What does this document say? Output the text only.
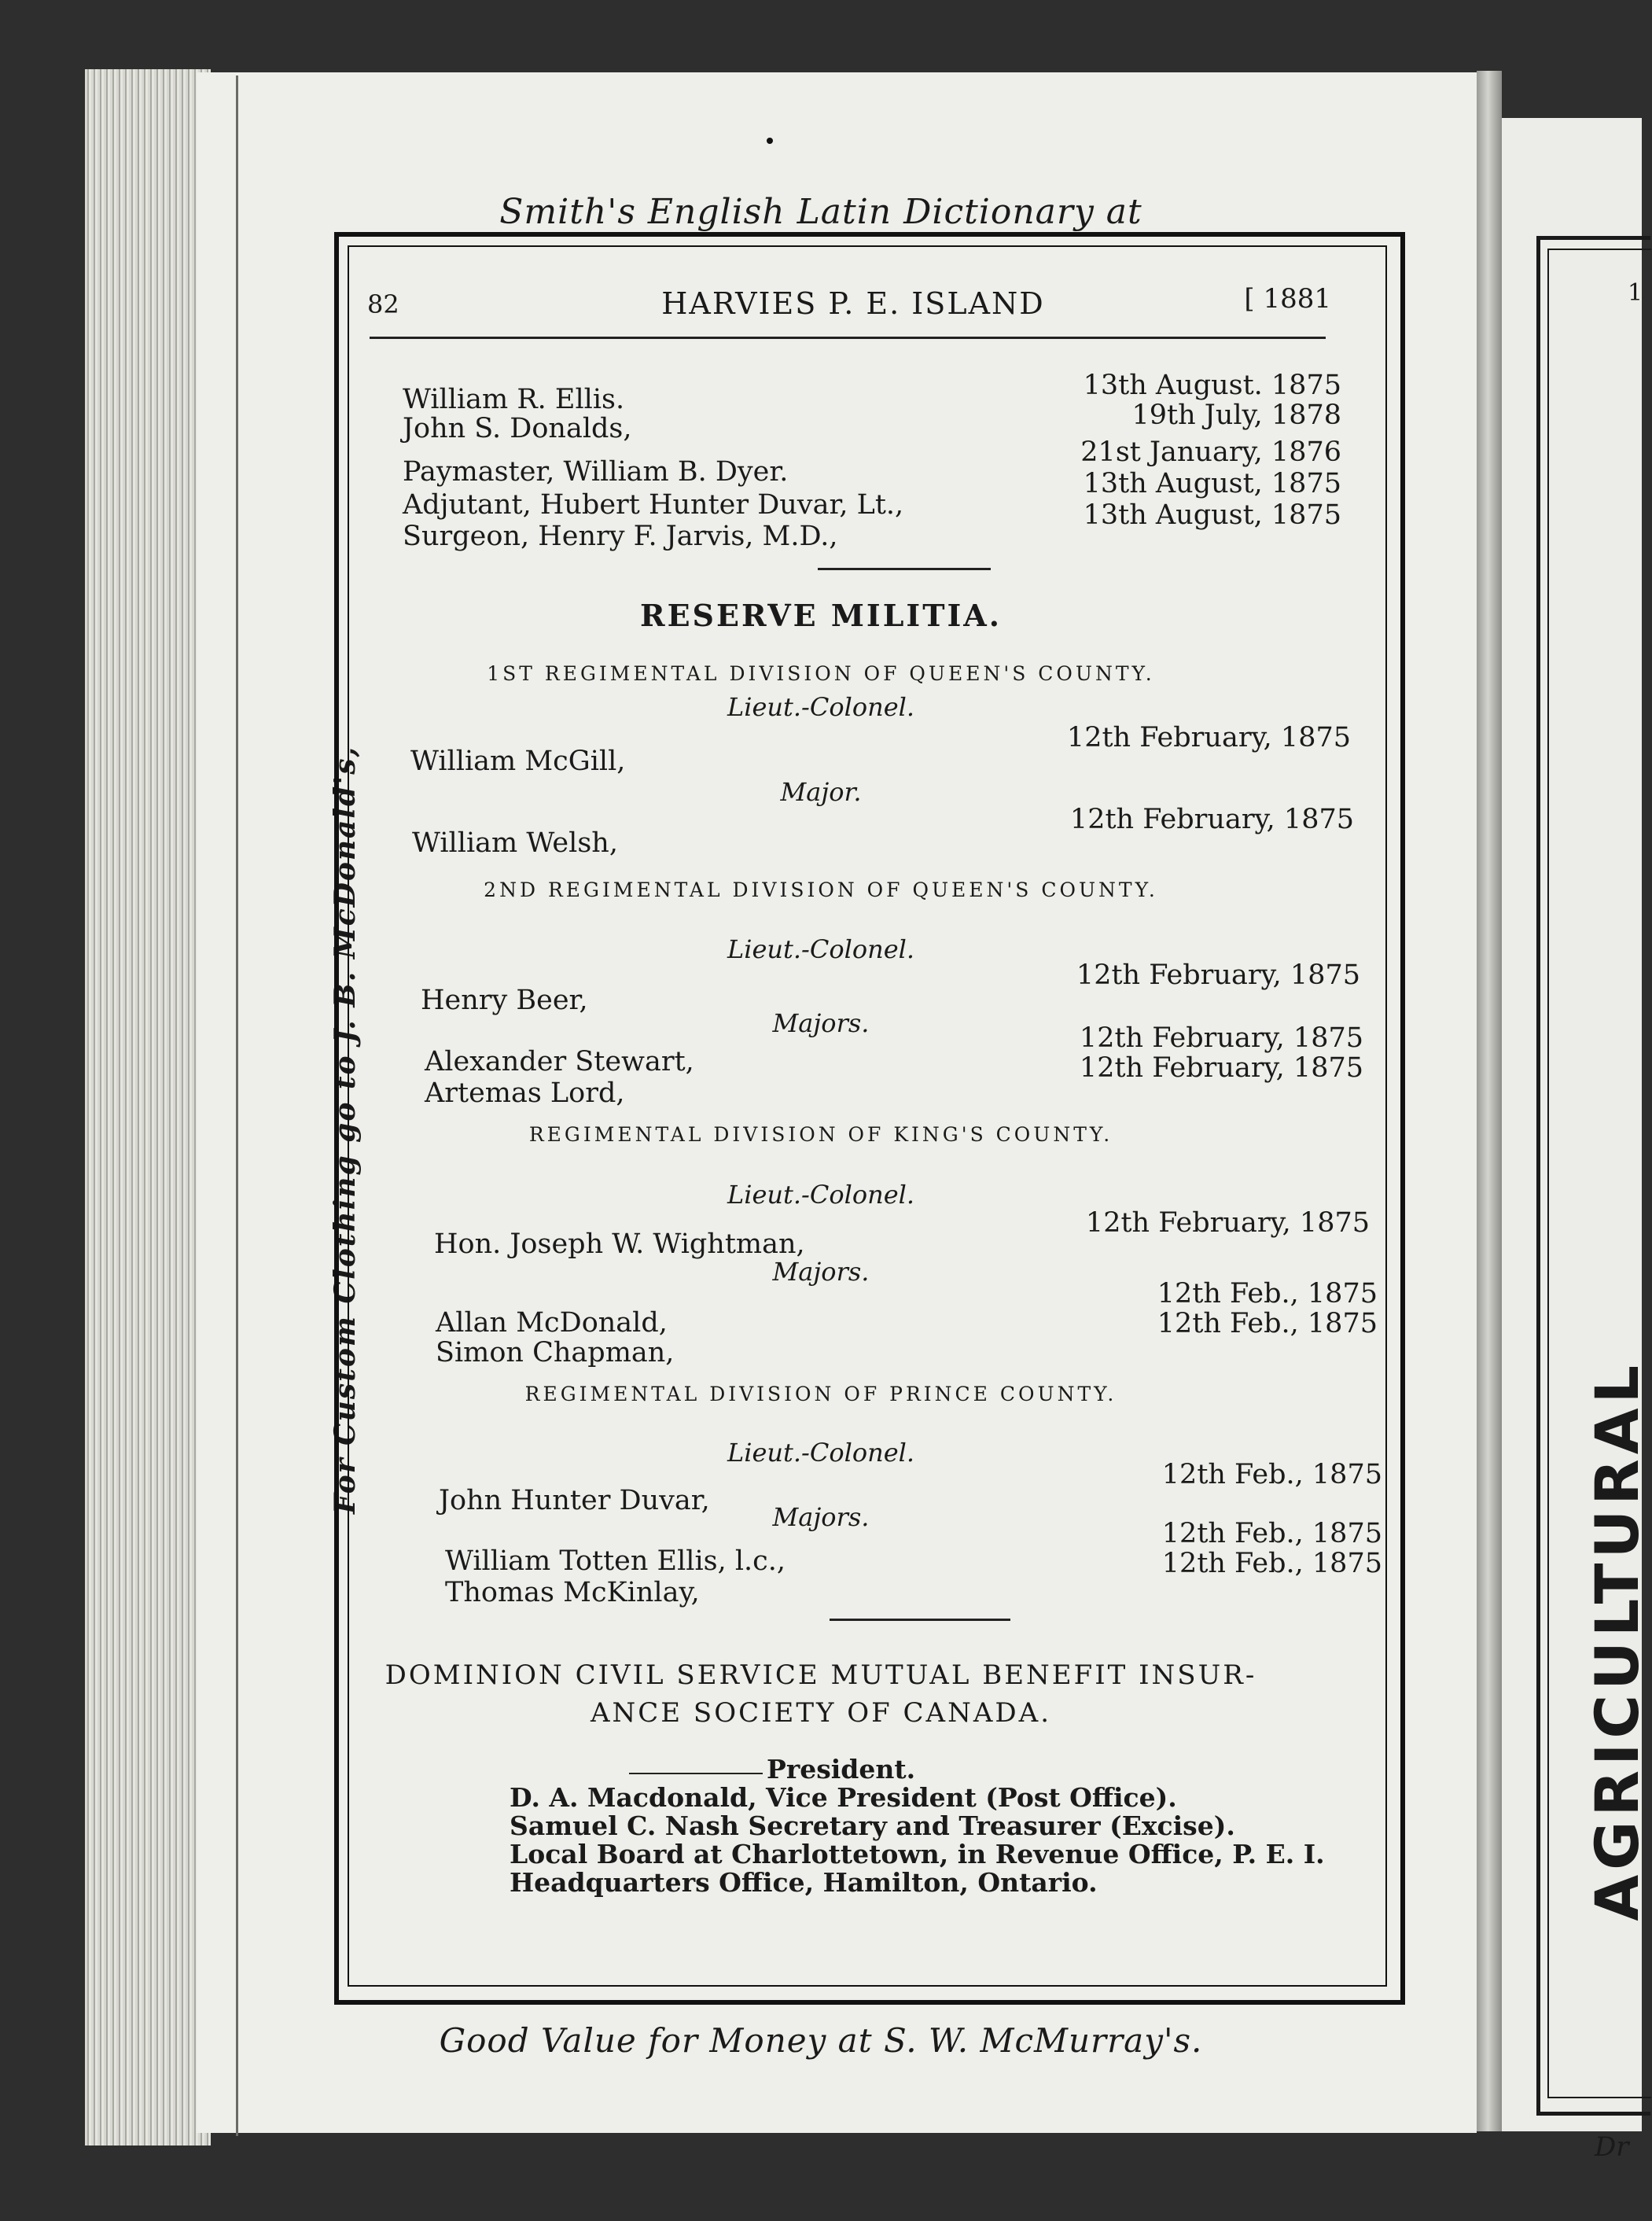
1
Dr
AGRICULTURAL
Smith's English Latin Dictionary at
For Custom Clothing go to J. B. McDonald's,
Good Value for Money at S. W. McMurray's.
82	HARVIES P. E. ISLAND	[ 1881
William R. Ellis.	13th August. 1875
John S. Donalds,	19th July, 1878
Paymaster, William B. Dyer.
21st January, 1876
Adjutant, Hubert Hunter Duvar, Lt.,
13th August, 1875
Surgeon, Henry F. Jarvis, M.D.,
13th August, 1875
RESERVE MILITIA.
1ST REGIMENTAL DIVISION OF QUEEN'S COUNTY.
Lieut.-Colonel.
William McGill,
12th February, 1875
Major.
William Welsh,
12th February, 1875
2ND REGIMENTAL DIVISION OF QUEEN'S COUNTY.
Lieut.-Colonel.
Henry Beer,
12th February, 1875
Majors.
Alexander Stewart,
12th February, 1875
Artemas Lord,
12th February, 1875
REGIMENTAL DIVISION OF KING'S COUNTY.
Lieut.-Colonel.
Hon. Joseph W. Wightman,
12th February, 1875
Majors.
Allan McDonald,
12th Feb., 1875
Simon Chapman,
12th Feb., 1875
REGIMENTAL DIVISION OF PRINCE COUNTY.
Lieut.-Colonel.
John Hunter Duvar,
12th Feb., 1875
Majors.
William Totten Ellis, l.c.,
12th Feb., 1875
Thomas McKinlay,
12th Feb., 1875
DOMINION CIVIL SERVICE MUTUAL BENEFIT INSUR-
ANCE SOCIETY OF CANADA.
President.
D. A. Macdonald, Vice President (Post Office).
Samuel C. Nash Secretary and Treasurer (Excise).
Local Board at Charlottetown, in Revenue Office, P. E. I.
Headquarters Office, Hamilton, Ontario.
